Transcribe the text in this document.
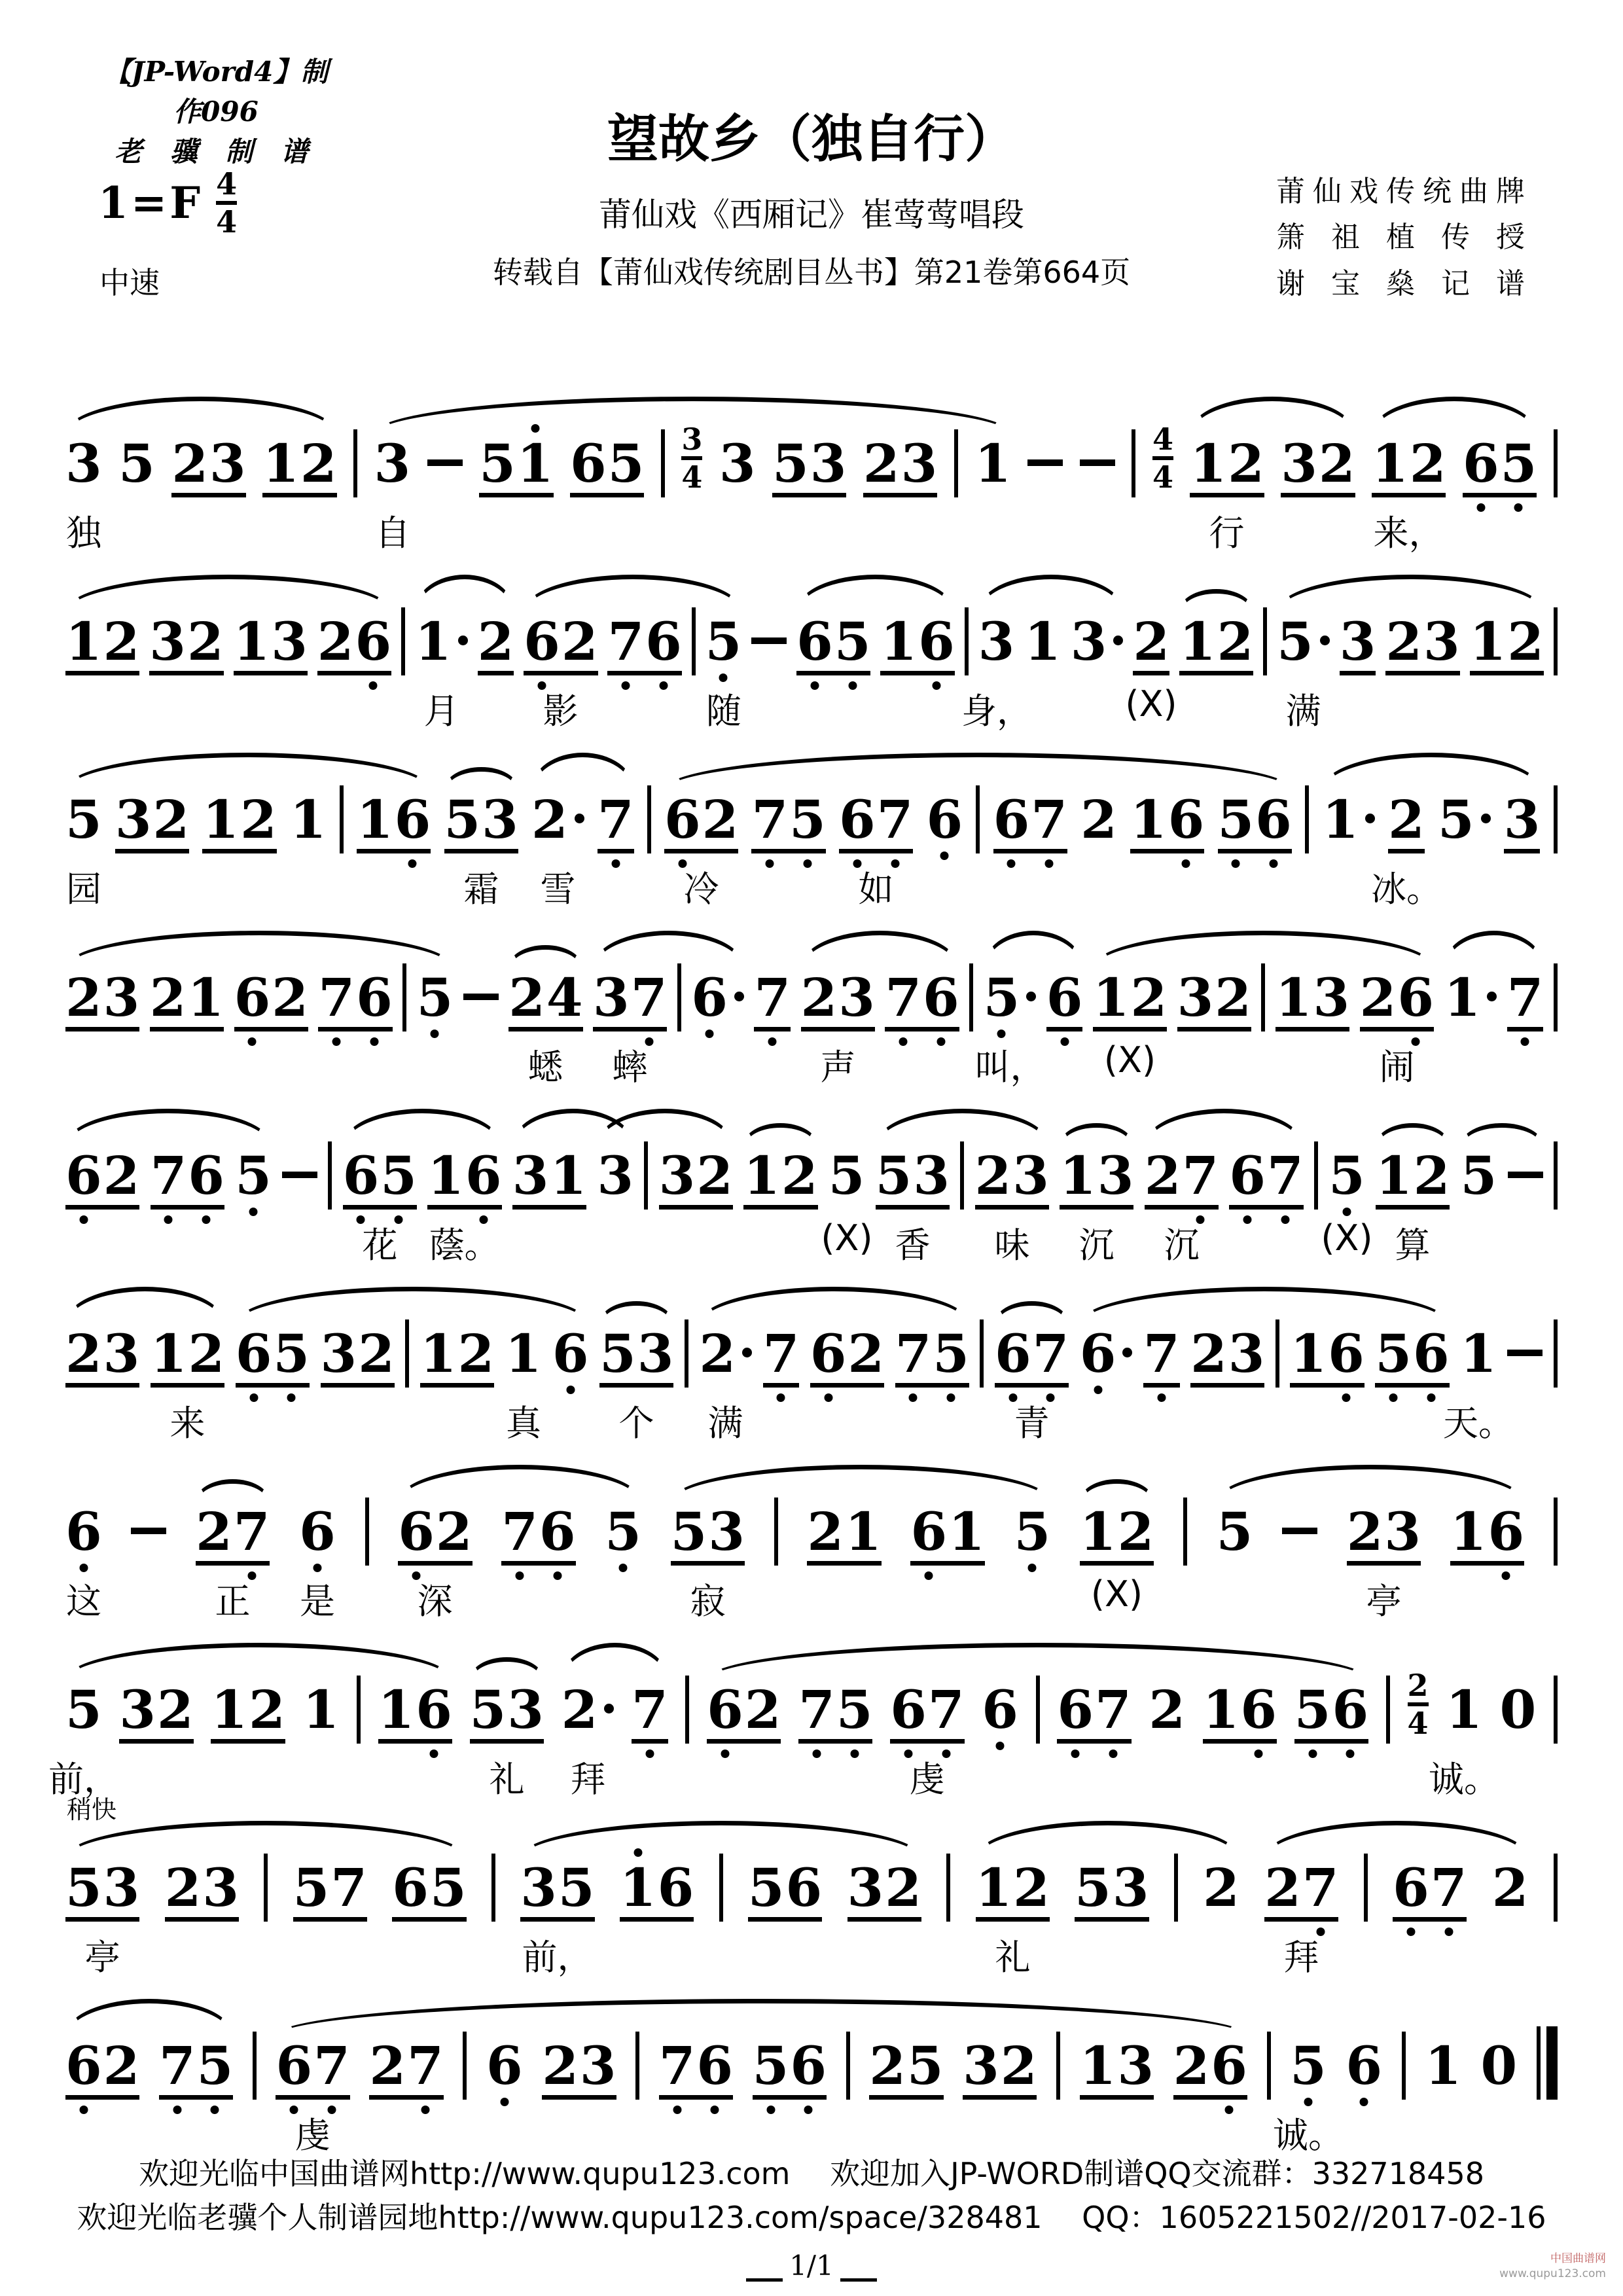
【JP-Word4】制作096
老 骥 制 谱
$1=F \frac{4}{4}$
中速
望故乡（独自行）
莆仙戏《西厢记》崔莺莺唱段
转载自【莆仙戏传统剧目丛书】第21卷第664页
莆仙戏传统曲牌
箫祖植传授
谢宝燊记谱
3 5 2 3 1 2 3 5 1 6 5 3
4 3 5 3 2 3 1	4
4 1 2 3 2 1 2 6 5
独	自	行	来，
1 2 3 2 1 3 2 6 1 2 6 2 7 6 5 6 5 1 6 3 1 3 2 1 2 5 3 2 3 1 2
月 影	随	身，	(X)	满
5 3 2 1 2 1 1 6 5 3 2 7 6 2 7 5 6 7 6 6 7 2 1 6 5 6 1 2 5 3
园	霜 雪	冷	如	冰。
2 3 2 1 6 2 7 6 5 2 4 3 7 6 7 2 3 7 6 5 6 1 2 3 2 1 3 2 6 1 7
蟋 蟀	声	叫， (X)	闹
6 2 7 6 5 6 5 1 6 3 1 3 3 2 1 2 5 5 3 2 3 1 3 2 7 6 7 5 1 2 5
花 蔭。	(X) 香 味 沉 沉	(X) 算
2 3 1 2 6 5 3 2 1 2 1 6 5 3 2 7 6 2 7 5 6 7 6 7 2 3 1 6 5 6 1
来	真 个 满	青	天。
6 2 7 6 6 2 7 6 5 5 3 2 1 6 1 5 1 2 5 2 3 1 6
这	正 是 深	寂	(X)	亭
5 3 2 1 2 1 1 6 5 3 2 7 6 2 7 5 6 7 6 6 7 2 1 6 5 6 2
4 1 0
前，	礼 拜	虔	诚。
稍快
5 3 2 3 5 7 6 5 3 5 1 6 5 6 3 2 1 2 5 3 2 2 7 6 7 2
亭	前，	礼	拜
6 2 7 5 6 7 2 7 6 2 3 7 6 5 6 2 5 3 2 1 3 2 6 5 6 1 0
虔	诚。
欢迎光临中国曲谱网http://www.qupu123.com　 欢迎加入JP-WORD制谱QQ交流群：332718458
欢迎光临老骥个人制谱园地http://www.qupu123.com/space/328481　 QQ：1605221502//2017-02-16
1/1	中国曲谱网
www.qupu123.com
